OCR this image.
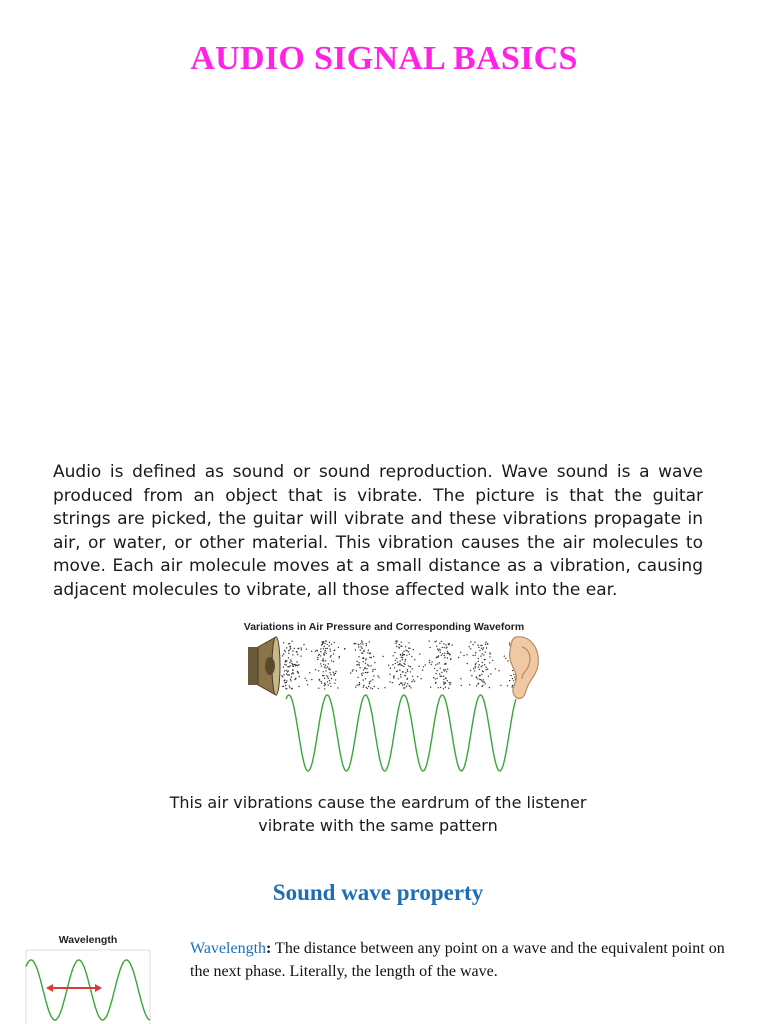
AUDIO SIGNAL BASICS

Audio is defined as sound or sound reproduction. Wave sound is a wave produced from an object that is vibrate. The picture is that the guitar strings are picked, the guitar will vibrate and these vibrations propagate in air, or water, or other material. This vibration causes the air molecules to move. Each air molecule moves at a small distance as a vibration, causing adjacent molecules to vibrate, all those affected walk into the ear.

Variations in Air Pressure and Corresponding Waveform

This air vibrations cause the eardrum of the listener
vibrate with the same pattern

Sound wave property
Wavelength	Wavelength: The distance between any point on a wave and the equivalent point on the next phase. Literally, the length of the wave.
